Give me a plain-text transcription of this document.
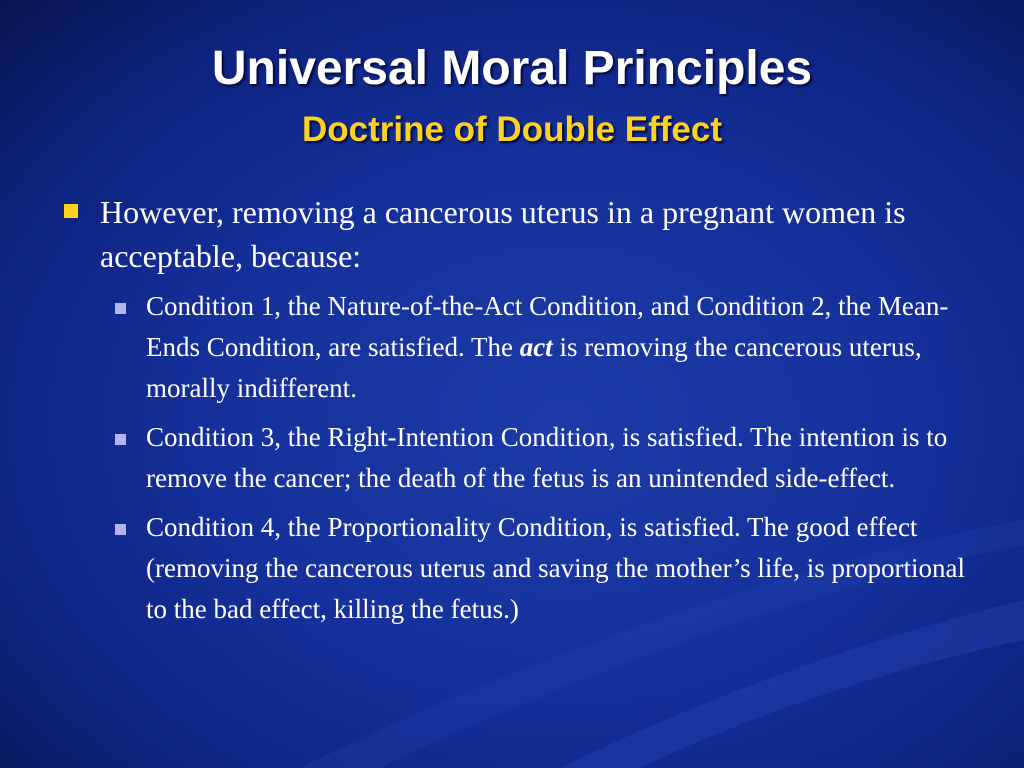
Universal Moral Principles
Doctrine of Double Effect
However, removing a cancerous uterus in a pregnant women is acceptable, because:
Condition 1, the Nature-of-the-Act Condition, and Condition 2, the Mean-Ends Condition, are satisfied. The act is removing the cancerous uterus, morally indifferent.
Condition 3, the Right-Intention Condition, is satisfied. The intention is to remove the cancer; the death of the fetus is an unintended side-effect.
Condition 4, the Proportionality Condition, is satisfied. The good effect (removing the cancerous uterus and saving the mother’s life, is proportional to the bad effect, killing the fetus.)
